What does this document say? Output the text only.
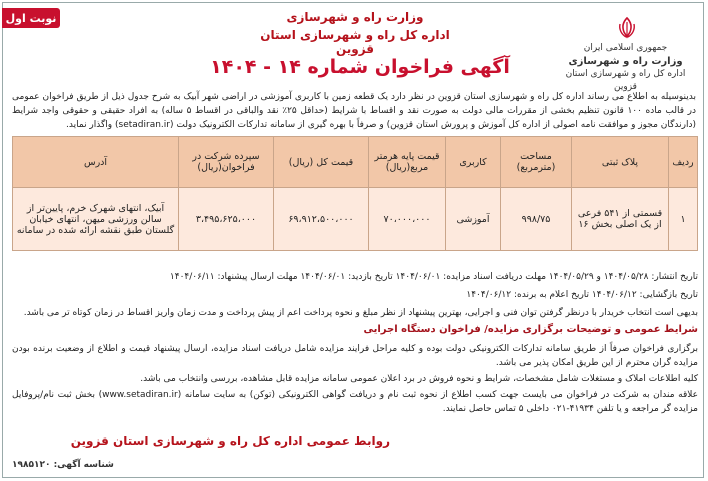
نوبت اول
جمهوری اسلامی ایران
وزارت راه و شهرسازی
اداره کل راه و شهرسازی استان قزوین
وزارت راه و شهرسازی
اداره کل راه و شهرسازی استان قزوین
آگهی فراخوان شماره ۱۴ - ۱۴۰۴
بدینوسیله به اطلاع می رساند اداره کل راه و شهرسازی استان قزوین در نظر دارد یک قطعه زمین با کاربری آموزشی در اراضی شهر آبیک به شرح جدول ذیل از طریق فراخوان عمومی در قالب ماده ۱۰۰ قانون تنظیم بخشی از مقررات مالی دولت به صورت نقد و اقساط با شرایط (حداقل ۲۵٪ نقد والباقی در اقساط ۵ ساله) به افراد حقیقی و حقوقی واجد شرایط (دارندگان مجوز و موافقت نامه اصولی از اداره کل آموزش و پرورش استان قزوین) و صرفاً با بهره گیری از سامانه تدارکات الکترونیک دولت (setadiran.ir) واگذار نماید.
ردیف	پلاک ثبتی	مساحت (مترمربع)	کاربری	قیمت پایه هرمتر مربع(ریال)	قیمت کل (ریال)	سپرده شرکت در فراخوان(ریال)	آدرس
۱	قسمتی از ۵۴۱ فرعی از یک اصلی بخش ۱۶	۹۹۸/۷۵	آموزشی	۷۰،۰۰۰،۰۰۰	۶۹،۹۱۲،۵۰۰،۰۰۰	۳،۴۹۵،۶۲۵،۰۰۰	آبیک، انتهای شهرک خرم، پایین‌تر از سالن ورزشی میهن، انتهای خیابان گلستان طبق نقشه ارائه شده در سامانه
تاریخ انتشار: ۱۴۰۴/۰۵/۲۸ و ۱۴۰۴/۰۵/۲۹ مهلت دریافت اسناد مزایده: ۱۴۰۴/۰۶/۰۱ تاریخ بازدید: ۱۴۰۴/۰۶/۰۱ مهلت ارسال پیشنهاد: ۱۴۰۴/۰۶/۱۱
تاریخ بازگشایی: ۱۴۰۴/۰۶/۱۲ تاریخ اعلام به برنده: ۱۴۰۴/۰۶/۱۲
بدیهی است انتخاب خریدار با درنظر گرفتن توان فنی و اجرایی، بهترین پیشنهاد از نظر مبلغ و نحوه پرداخت اعم از پیش پرداخت و مدت زمان واریز اقساط در زمان کوتاه تر می باشد.
شرایط عمومی و توضیحات برگزاری مزایده/ فراخوان دستگاه اجرایی
برگزاری فراخوان صرفاً از طریق سامانه تدارکات الکترونیکی دولت بوده و کلیه مراحل فرایند مزایده شامل دریافت اسناد مزایده، ارسال پیشنهاد قیمت و اطلاع از وضعیت برنده بودن مزایده گران محترم از این طریق امکان پذیر می باشد.
کلیه اطلاعات املاک و مستغلات شامل مشخصات، شرایط و نحوه فروش در برد اعلان عمومی سامانه مزایده قابل مشاهده، بررسی وانتخاب می باشد.
علاقه مندان به شرکت در فراخوان می بایست جهت کسب اطلاع از نحوه ثبت نام و دریافت گواهی الکترونیکی (توکن) به سایت سامانه (www.setadiran.ir) بخش ثبت نام/پروفایل مزایده گر مراجعه و یا تلفن ۴۱۹۳۴-۰۲۱ داخلی ۵ تماس حاصل نمایند.
روابط عمومی اداره کل راه و شهرسازی استان قزوین
شناسه آگهی: ۱۹۸۵۱۲۰
